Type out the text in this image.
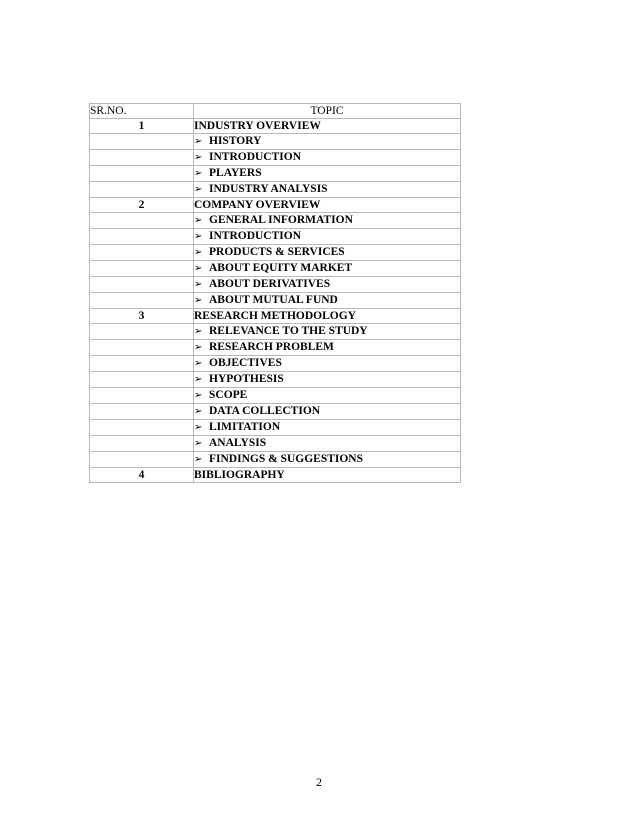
SR.NO.	TOPIC
1	INDUSTRY OVERVIEW
	➢ HISTORY
	➢ INTRODUCTION
	➢ PLAYERS
	➢ INDUSTRY ANALYSIS
2	COMPANY OVERVIEW
	➢ GENERAL INFORMATION
	➢ INTRODUCTION
	➢ PRODUCTS & SERVICES
	➢ ABOUT EQUITY MARKET
	➢ ABOUT DERIVATIVES
	➢ ABOUT MUTUAL FUND
3	RESEARCH METHODOLOGY
	➢ RELEVANCE TO THE STUDY
	➢ RESEARCH PROBLEM
	➢ OBJECTIVES
	➢ HYPOTHESIS
	➢ SCOPE
	➢ DATA COLLECTION
	➢ LIMITATION
	➢ ANALYSIS
	➢ FINDINGS & SUGGESTIONS
4	BIBLIOGRAPHY
2
